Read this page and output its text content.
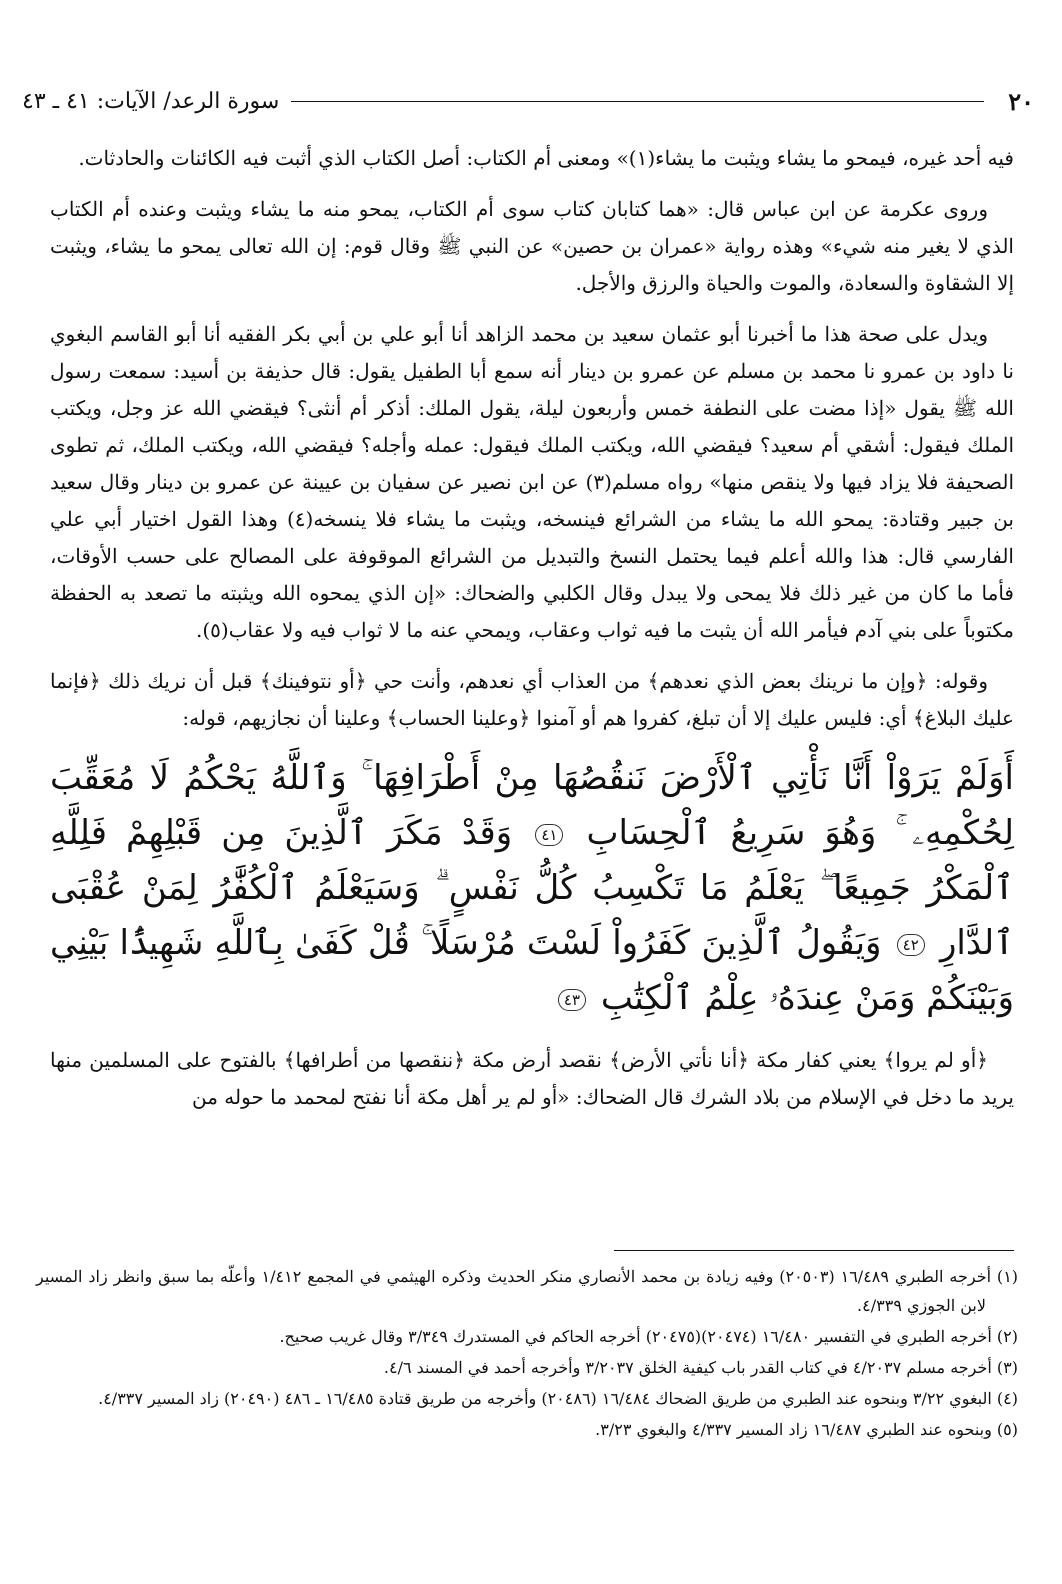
٢٠
سورة الرعد/ الآيات: ٤١ ـ ٤٣

فيه أحد غيره، فيمحو ما يشاء ويثبت ما يشاء(١)» ومعنى أم الكتاب: أصل الكتاب الذي أثبت فيه الكائنات والحادثات.

وروى عكرمة عن ابن عباس قال: «هما كتابان كتاب سوى أم الكتاب، يمحو منه ما يشاء ويثبت وعنده أم الكتاب الذي لا يغير منه شيء» وهذه رواية «عمران بن حصين» عن النبي ﷺ وقال قوم: إن الله تعالى يمحو ما يشاء، ويثبت إلا الشقاوة والسعادة، والموت والحياة والرزق والأجل.

ويدل على صحة هذا ما أخبرنا أبو عثمان سعيد بن محمد الزاهد أنا أبو علي بن أبي بكر الفقيه أنا أبو القاسم البغوي نا داود بن عمرو نا محمد بن مسلم عن عمرو بن دينار أنه سمع أبا الطفيل يقول: قال حذيفة بن أسيد: سمعت رسول الله ﷺ يقول «إذا مضت على النطفة خمس وأربعون ليلة، يقول الملك: أذكر أم أنثى؟ فيقضي الله عز وجل، ويكتب الملك فيقول: أشقي أم سعيد؟ فيقضي الله، ويكتب الملك فيقول: عمله وأجله؟ فيقضي الله، ويكتب الملك، ثم تطوى الصحيفة فلا يزاد فيها ولا ينقص منها» رواه مسلم(٣) عن ابن نصير عن سفيان بن عيينة عن عمرو بن دينار وقال سعيد بن جبير وقتادة: يمحو الله ما يشاء من الشرائع فينسخه، ويثبت ما يشاء فلا ينسخه(٤) وهذا القول اختيار أبي علي الفارسي قال: هذا والله أعلم فيما يحتمل النسخ والتبديل من الشرائع الموقوفة على المصالح على حسب الأوقات، فأما ما كان من غير ذلك فلا يمحى ولا يبدل وقال الكلبي والضحاك: «إن الذي يمحوه الله ويثبته ما تصعد به الحفظة مكتوباً على بني آدم فيأمر الله أن يثبت ما فيه ثواب وعقاب، ويمحي عنه ما لا ثواب فيه ولا عقاب(٥).

وقوله: ﴿وإن ما نرينك بعض الذي نعدهم﴾ من العذاب أي نعدهم، وأنت حي ﴿أو نتوفينك﴾ قبل أن نريك ذلك ﴿فإنما عليك البلاغ﴾ أي: فليس عليك إلا أن تبلغ، كفروا هم أو آمنوا ﴿وعلينا الحساب﴾ وعلينا أن نجازيهم، قوله:

أَوَلَمْ يَرَوْاْ أَنَّا نَأْتِي ٱلْأَرْضَ نَنقُصُهَا مِنْ أَطْرَافِهَا ۚ وَٱللَّهُ يَحْكُمُ لَا مُعَقِّبَ لِحُكْمِهِۦ ۚ وَهُوَ سَرِيعُ ٱلْحِسَابِ ٤١ وَقَدْ مَكَرَ ٱلَّذِينَ مِن قَبْلِهِمْ فَلِلَّهِ ٱلْمَكْرُ جَمِيعًا ۖ يَعْلَمُ مَا تَكْسِبُ كُلُّ نَفْسٍ ۗ وَسَيَعْلَمُ ٱلْكُفَّٰرُ لِمَنْ عُقْبَى ٱلدَّارِ ٤٢ وَيَقُولُ ٱلَّذِينَ كَفَرُواْ لَسْتَ مُرْسَلًا ۚ قُلْ كَفَىٰ بِٱللَّهِ شَهِيدًۢا بَيْنِي وَبَيْنَكُمْ وَمَنْ عِندَهُۥ عِلْمُ ٱلْكِتَٰبِ ٤٣

﴿أو لم يروا﴾ يعني كفار مكة ﴿أنا نأتي الأرض﴾ نقصد أرض مكة ﴿ننقصها من أطرافها﴾ بالفتوح على المسلمين منها يريد ما دخل في الإسلام من بلاد الشرك قال الضحاك: «أو لم ير أهل مكة أنا نفتح لمحمد ما حوله من

(١) أخرجه الطبري ١٦/٤٨٩ (٢٠٥٠٣) وفيه زيادة بن محمد الأنصاري منكر الحديث وذكره الهيثمي في المجمع ١/٤١٢ وأعلّه بما سبق وانظر زاد المسير لابن الجوزي ٤/٣٣٩.

(٢) أخرجه الطبري في التفسير ١٦/٤٨٠ (٢٠٤٧٤)(٢٠٤٧٥) أخرجه الحاكم في المستدرك ٣/٣٤٩ وقال غريب صحيح.

(٣) أخرجه مسلم ٤/٢٠٣٧ في كتاب القدر باب كيفية الخلق ٣/٢٠٣٧ وأخرجه أحمد في المسند ٤/٦.

(٤) البغوي ٣/٢٢ وبنحوه عند الطبري من طريق الضحاك ١٦/٤٨٤ (٢٠٤٨٦) وأخرجه من طريق قتادة ١٦/٤٨٥ ـ ٤٨٦ (٢٠٤٩٠) زاد المسير ٤/٣٣٧.

(٥) وبنحوه عند الطبري ١٦/٤٨٧ زاد المسير ٤/٣٣٧ والبغوي ٣/٢٣.
